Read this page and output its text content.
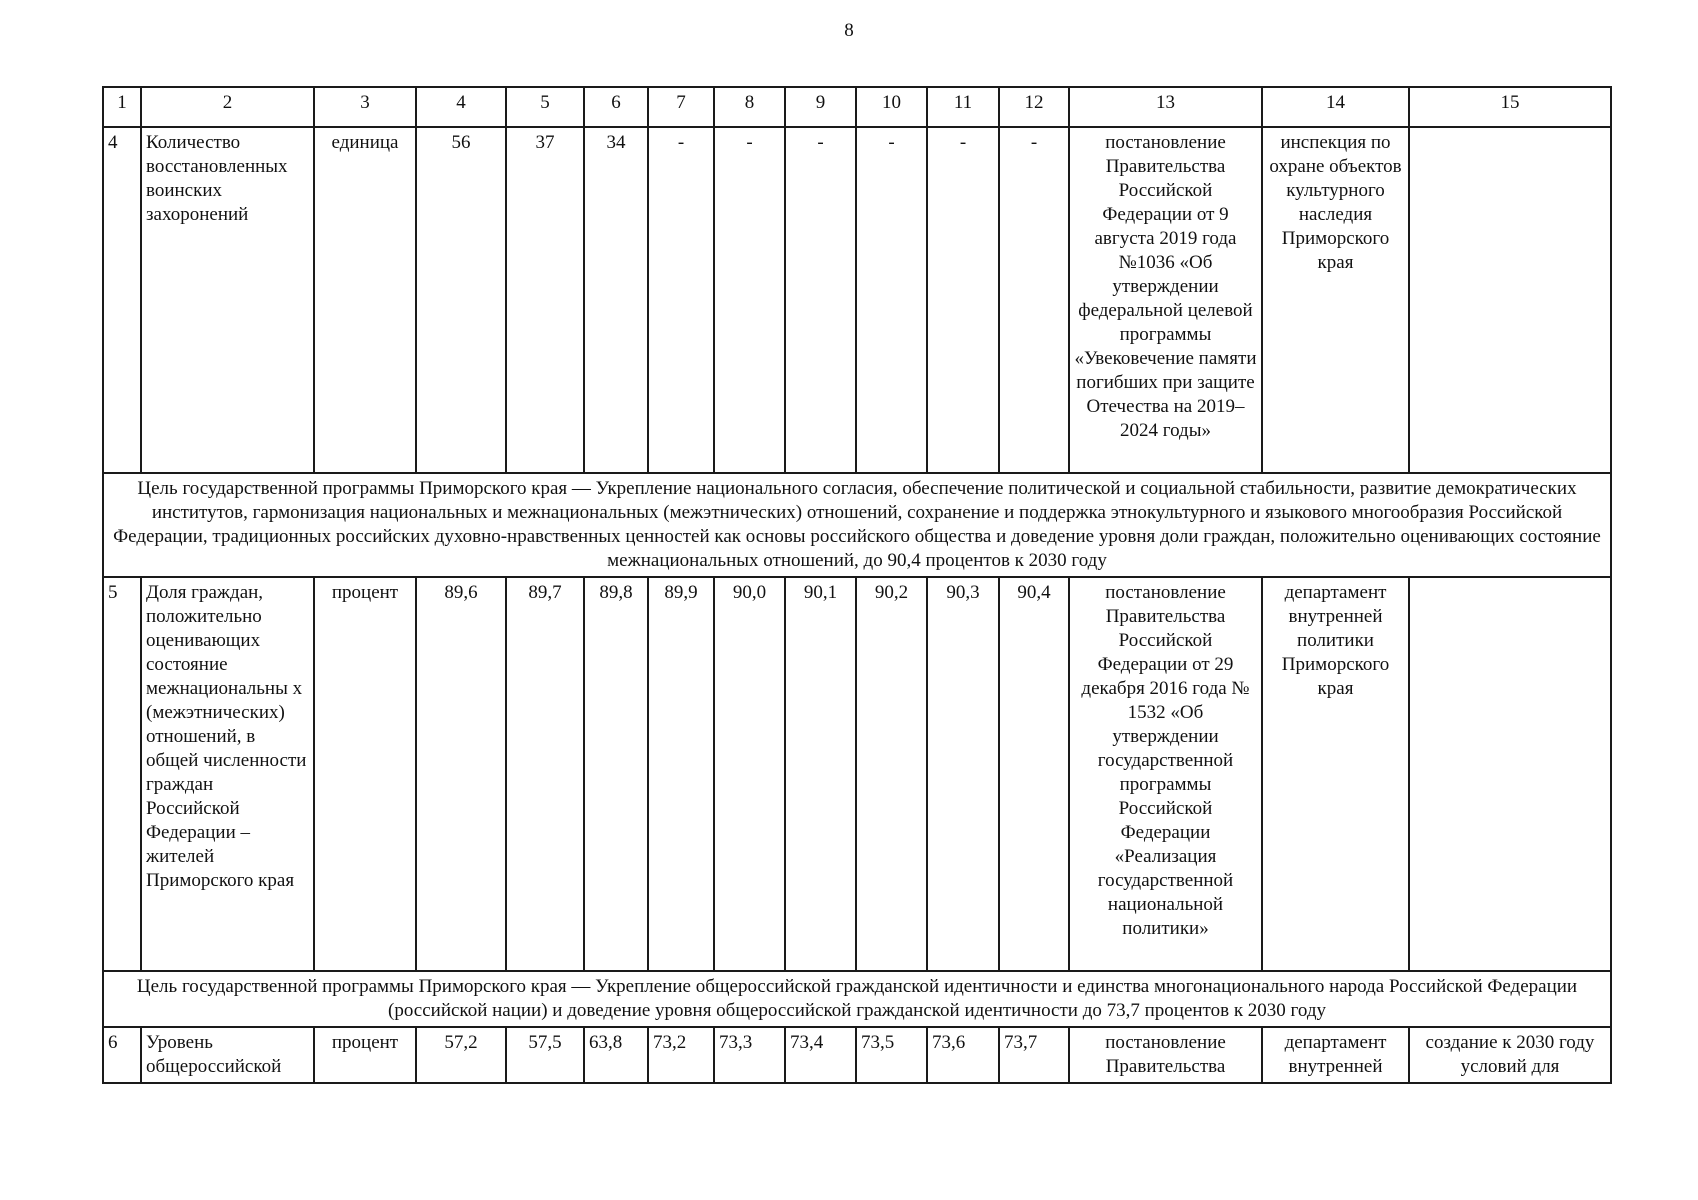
8
1	2	3	4	5	6	7	8	9	10	11	12	13	14	15
4	Количество восстановленных воинских захоронений	единица	56	37	34	-	-	-	-	-	-	постановление Правительства Российской Федерации от 9 августа 2019 года №1036 «Об утверждении федеральной целевой программы «Увековечение памяти погибших при защите Отечества на 2019–2024 годы»	инспекция по охране объектов культурного наследия Приморского края	
Цель государственной программы Приморского края — Укрепление национального согласия, обеспечение политической и социальной стабильности, развитие демократических институтов, гармонизация национальных и межнациональных (межэтнических) отношений, сохранение и поддержка этнокультурного и языкового многообразия Российской Федерации, традиционных российских духовно-нравственных ценностей как основы российского общества и доведение уровня доли граждан, положительно оценивающих состояние межнациональных отношений, до 90,4 процентов к 2030 году														
5	Доля граждан, положительно оценивающих состояние межнациональны х (межэтнических) отношений, в общей численности граждан Российской Федерации – жителей Приморского края	процент	89,6	89,7	89,8	89,9	90,0	90,1	90,2	90,3	90,4	постановление Правительства Российской Федерации от 29 декабря 2016 года № 1532 «Об утверждении государственной программы Российской Федерации «Реализация государственной национальной политики»	департамент внутренней политики Приморского края	
Цель государственной программы Приморского края — Укрепление общероссийской гражданской идентичности и единства многонационального народа Российской Федерации (российской нации) и доведение уровня общероссийской гражданской идентичности до 73,7 процентов к 2030 году														
6	Уровень общероссийской	процент	57,2	57,5	63,8	73,2	73,3	73,4	73,5	73,6	73,7	постановление Правительства	департамент внутренней	создание к 2030 году условий для
